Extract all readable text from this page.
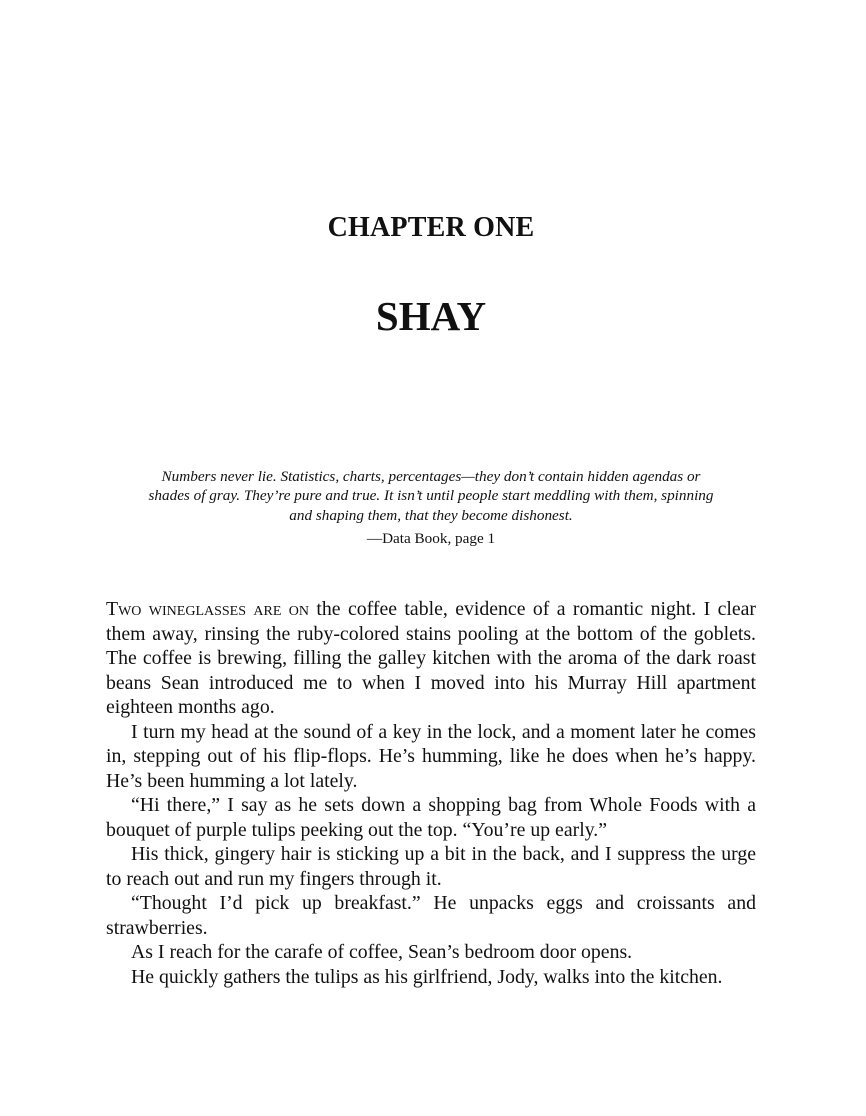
CHAPTER ONE
SHAY
Numbers never lie. Statistics, charts, percentages—they don’t contain hidden agendas or shades of gray. They’re pure and true. It isn’t until people start meddling with them, spinning and shaping them, that they become dishonest.
—Data Book, page 1

Two wineglasses are on the coffee table, evidence of a romantic night. I clear them away, rinsing the ruby-colored stains pooling at the bottom of the goblets. The coffee is brewing, filling the galley kitchen with the aroma of the dark roast beans Sean introduced me to when I moved into his Murray Hill apartment eighteen months ago.

I turn my head at the sound of a key in the lock, and a moment later he comes in, stepping out of his flip-flops. He’s humming, like he does when he’s happy. He’s been humming a lot lately.

“Hi there,” I say as he sets down a shopping bag from Whole Foods with a bouquet of purple tulips peeking out the top. “You’re up early.”

His thick, gingery hair is sticking up a bit in the back, and I suppress the urge to reach out and run my fingers through it.

“Thought I’d pick up breakfast.” He unpacks eggs and croissants and strawberries.

As I reach for the carafe of coffee, Sean’s bedroom door opens.

He quickly gathers the tulips as his girlfriend, Jody, walks into the kitchen.
